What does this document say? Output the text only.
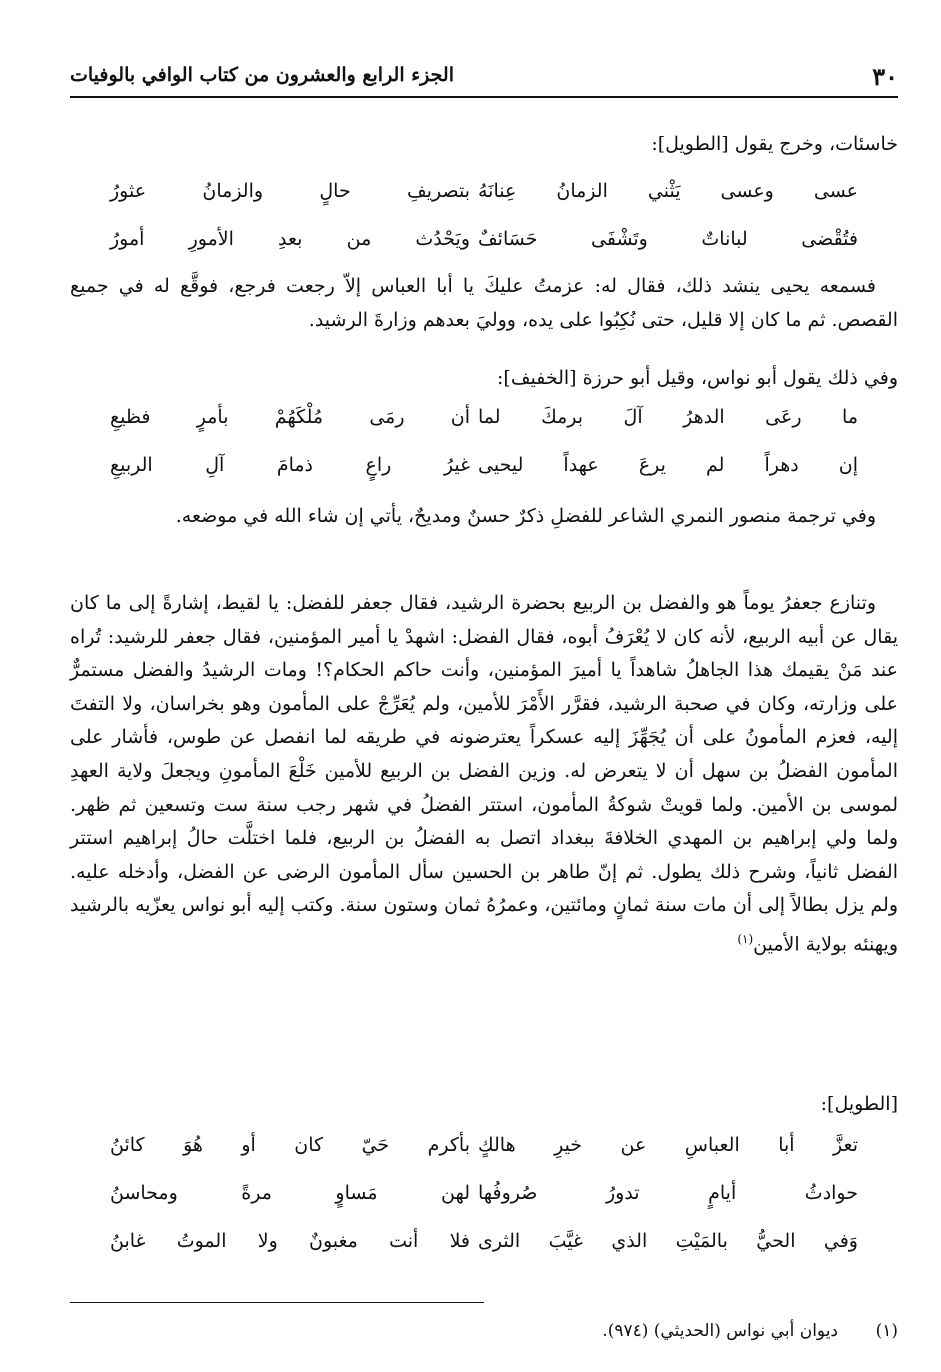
٣٠
الجزء الرابع والعشرون من كتاب الوافي بالوفيات
خاسئات، وخرج يقول [الطويل]:
عسى وعسى يَثْني الزمانُ عِنانَهُ
بتصريفِ حالٍ والزمانُ عثورُ
فتُقْضى لباناتٌ وتَشْفَى حَسَائفٌ
ويَحْدُث من بعدِ الأمورِ أمورُ
فسمعه يحيى ينشد ذلك، فقال له: عزمتُ عليكَ يا أبا العباس إلاّ رجعت فرجع، فوقَّع له في جميع القصص. ثم ما كان إلا قليل، حتى نُكِبُوا على يده، ووليَ بعدهم وزارةَ الرشيد.
وفي ذلك يقول أبو نواس، وقيل أبو حرزة [الخفيف]:
ما رعَى الدهرُ آلَ برمكَ لما
أن رمَى مُلْكَهُمْ بأمرٍ فظيعِ
إن دهراً لم يرعَ عهداً ليحيى
غيرُ راعٍ ذمامَ آلِ الربيعِ
وفي ترجمة منصور النمري الشاعر للفضلِ ذكرٌ حسنٌ ومديحٌ، يأتي إن شاء الله في موضعه.
وتنازع جعفرُ يوماً هو والفضل بن الربيع بحضرة الرشيد، فقال جعفر للفضل: يا لقيط، إشارةً إلى ما كان يقال عن أبيه الربيع، لأنه كان لا يُعْرَفُ أبوه، فقال الفضل: اشهدْ يا أمير المؤمنين، فقال جعفر للرشيد: تُراه عند مَنْ يقيمك هذا الجاهلُ شاهداً يا أميرَ المؤمنين، وأنت حاكم الحكام؟! ومات الرشيدُ والفضل مستمرٌّ على وزارته، وكان في صحبة الرشيد، فقرَّر الأَمْرَ للأمين، ولم يُعَرِّجْ على المأمون وهو بخراسان، ولا التفتَ إليه، فعزم المأمونُ على أن يُجَهِّزَ إليه عسكراً يعترضونه في طريقه لما انفصل عن طوس، فأشار على المأمون الفضلُ بن سهل أن لا يتعرض له. وزين الفضل بن الربيع للأمين خَلْعَ المأمونِ ويجعلَ ولاية العهدِ لموسى بن الأمين. ولما قويتْ شوكةُ المأمون، استتر الفضلُ في شهر رجب سنة ست وتسعين ثم ظهر. ولما ولي إبراهيم بن المهدي الخلافةَ ببغداد اتصل به الفضلُ بن الربيع، فلما اختلَّت حالُ إبراهيم استتر الفضل ثانياً، وشرح ذلك يطول. ثم إنّ طاهر بن الحسين سأل المأمون الرضى عن الفضل، وأدخله عليه. ولم يزل بطالاً إلى أن مات سنة ثمانٍ ومائتين، وعمرُهُ ثمان وستون سنة. وكتب إليه أبو نواس يعزّيه بالرشيد ويهنئه بولاية الأمين$^{(١)}$
[الطويل]:
تعزَّ أبا العباسِ عن خيرِ هالكٍ
بأكرم حَيّ كان أو هُوَ كائنُ
حوادثُ أيامٍ تدورُ صُروفُها
لهن مَساوٍ مرةً ومحاسنُ
وَفي الحيُّ بالمَيْتِ الذي غيَّبَ الثرى
فلا أنت مغبونٌ ولا الموتُ غابنُ
(١)ديوان أبي نواس (الحديثي) (٩٧٤).
